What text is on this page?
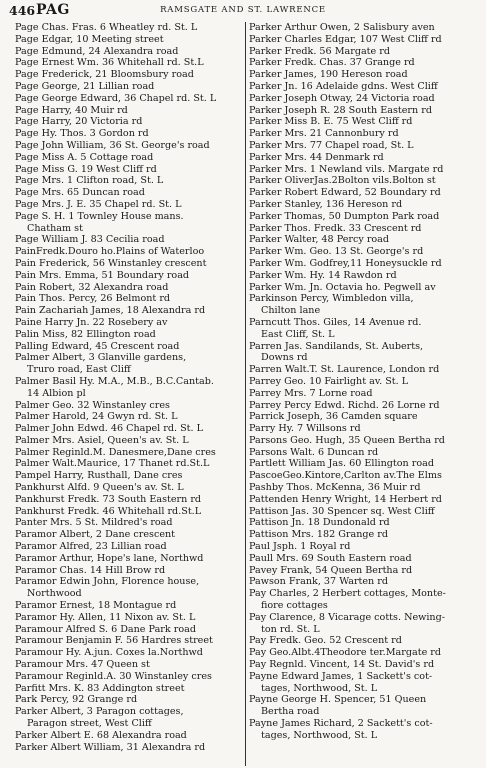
446 PAG	RAMSGATE AND ST. LAWRENCE
Page Chas. Fras. 6 Wheatley rd. St. L
Page Edgar, 10 Meeting street
Page Edmund, 24 Alexandra road
Page Ernest Wm. 36 Whitehall rd. St.L
Page Frederick, 21 Bloomsbury road
Page George, 21 Lillian road
Page George Edward, 36 Chapel rd. St. L
Page Harry, 40 Muir rd
Page Harry, 20 Victoria rd
Page Hy. Thos. 3 Gordon rd
Page John William, 36 St. George's road
Page Miss A. 5 Cottage road
Page Miss G. 19 West Cliff rd
Page Mrs. 1 Clifton road, St. L
Page Mrs. 65 Duncan road
Page Mrs. J. E. 35 Chapel rd. St. L
Page S. H. 1 Townley House mans.
Chatham st
Page William J. 83 Cecilia road
PainFredk.Douro ho.Plains of Waterloo
Pain Frederick, 56 Winstanley crescent
Pain Mrs. Emma, 51 Boundary road
Pain Robert, 32 Alexandra road
Pain Thos. Percy, 26 Belmont rd
Pain Zachariah James, 18 Alexandra rd
Paine Harry Jn. 22 Rosebery av
Palin Miss, 82 Ellington road
Palling Edward, 45 Crescent road
Palmer Albert, 3 Glanville gardens,
Truro road, East Cliff
Palmer Basil Hy. M.A., M.B., B.C.Cantab.
14 Albion pl
Palmer Geo. 32 Winstanley cres
Palmer Harold, 24 Gwyn rd. St. L
Palmer John Edwd. 46 Chapel rd. St. L
Palmer Mrs. Asiel, Queen's av. St. L
Palmer Reginld.M. Danesmere,Dane cres
Palmer Walt.Maurice, 17 Thanet rd.St.L
Pampel Harry, Rusthall, Dane cres
Pankhurst Alfd. 9 Queen's av. St. L
Pankhurst Fredk. 73 South Eastern rd
Pankhurst Fredk. 46 Whitehall rd.St.L
Panter Mrs. 5 St. Mildred's road
Paramor Albert, 2 Dane crescent
Paramor Alfred, 23 Lillian road
Paramor Arthur, Hope's lane, Northwd
Paramor Chas. 14 Hill Brow rd
Paramor Edwin John, Florence house,
Northwood
Paramor Ernest, 18 Montague rd
Paramor Hy. Allen, 11 Nixon av. St. L
Paramour Alfred S. 6 Dane Park road
Paramour Benjamin F. 56 Hardres street
Paramour Hy. A.jun. Coxes la.Northwd
Paramour Mrs. 47 Queen st
Paramour Reginld.A. 30 Winstanley cres
Parfitt Mrs. K. 83 Addington street
Park Percy, 92 Grange rd
Parker Albert, 3 Paragon cottages,
Paragon street, West Cliff
Parker Albert E. 68 Alexandra road
Parker Albert William, 31 Alexandra rd
Parker Arthur Owen, 2 Salisbury aven
Parker Charles Edgar, 107 West Cliff rd
Parker Fredk. 56 Margate rd
Parker Fredk. Chas. 37 Grange rd
Parker James, 190 Hereson road
Parker Jn. 16 Adelaide gdns. West Cliff
Parker Joseph Otway, 24 Victoria road
Parker Joseph R. 28 South Eastern rd
Parker Miss B. E. 75 West Cliff rd
Parker Mrs. 21 Cannonbury rd
Parker Mrs. 77 Chapel road, St. L
Parker Mrs. 44 Denmark rd
Parker Mrs. 1 Newland vils. Margate rd
Parker OliverJas.2Bolton vils.Bolton st
Parker Robert Edward, 52 Boundary rd
Parker Stanley, 136 Hereson rd
Parker Thomas, 50 Dumpton Park road
Parker Thos. Fredk. 33 Crescent rd
Parker Walter, 48 Percy road
Parker Wm. Geo. 13 St. George's rd
Parker Wm. Godfrey,11 Honeysuckle rd
Parker Wm. Hy. 14 Rawdon rd
Parker Wm. Jn. Octavia ho. Pegwell av
Parkinson Percy, Wimbledon villa,
Chilton lane
Parncutt Thos. Giles, 14 Avenue rd.
East Cliff, St. L
Parren Jas. Sandilands, St. Auberts,
Downs rd
Parren Walt.T. St. Laurence, London rd
Parrey Geo. 10 Fairlight av. St. L
Parrey Mrs. 7 Lorne road
Parrey Percy Edwd. Richd. 26 Lorne rd
Parrick Joseph, 36 Camden square
Parry Hy. 7 Willsons rd
Parsons Geo. Hugh, 35 Queen Bertha rd
Parsons Walt. 6 Duncan rd
Partlett William Jas. 60 Ellington road
PascoeGeo.Kintore,Carlton av.The Elms
Pashby Thos. McKenna, 36 Muir rd
Pattenden Henry Wright, 14 Herbert rd
Pattison Jas. 30 Spencer sq. West Cliff
Pattison Jn. 18 Dundonald rd
Pattison Mrs. 182 Grange rd
Paul Jsph. 1 Royal rd
Paull Mrs. 69 South Eastern road
Pavey Frank, 54 Queen Bertha rd
Pawson Frank, 37 Warten rd
Pay Charles, 2 Herbert cottages, Monte-
fiore cottages
Pay Clarence, 8 Vicarage cotts. Newing-
ton rd. St. L
Pay Fredk. Geo. 52 Crescent rd
Pay Geo.Albt.4Theodore ter.Margate rd
Pay Regnld. Vincent, 14 St. David's rd
Payne Edward James, 1 Sackett's cot-
tages, Northwood, St. L
Payne George H. Spencer, 51 Queen
Bertha road
Payne James Richard, 2 Sackett's cot-
tages, Northwood, St. L
